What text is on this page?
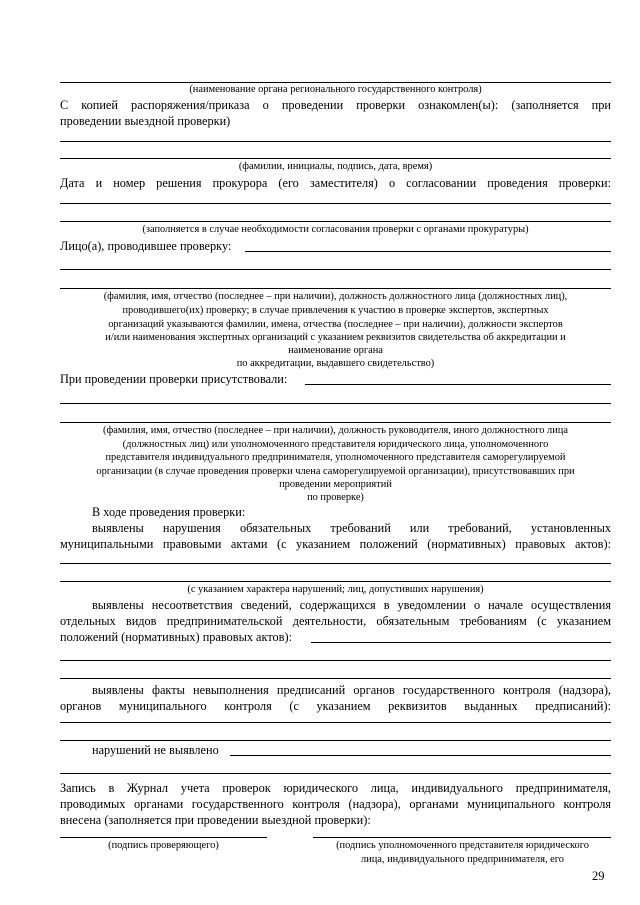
(наименование органа регионального государственного контроля)
С копией распоряжения/приказа о проведении проверки ознакомлен(ы): (заполняется при
проведении выездной проверки)
(фамилии, инициалы, подпись, дата, время)
Дата и номер решения прокурора (его заместителя) о согласовании проведения проверки:
(заполняется в случае необходимости согласования проверки с органами прокуратуры)
Лицо(а), проводившее проверку:
(фамилия, имя, отчество (последнее – при наличии), должность должностного лица (должностных лиц),
проводившего(их) проверку; в случае привлечения к участию в проверке экспертов, экспертных
организаций указываются фамилии, имена, отчества (последнее – при наличии), должности экспертов
и/или наименования экспертных организаций с указанием реквизитов свидетельства об аккредитации и
наименование органа
по аккредитации, выдавшего свидетельство)
При проведении проверки присутствовали:
(фамилия, имя, отчество (последнее – при наличии), должность руководителя, иного должностного лица
(должностных лиц) или уполномоченного представителя юридического лица, уполномоченного
представителя индивидуального предпринимателя, уполномоченного представителя саморегулируемой
организации (в случае проведения проверки члена саморегулируемой организации), присутствовавших при
проведении мероприятий
по проверке)
В ходе проведения проверки:
выявлены нарушения обязательных требований или требований, установленных
муниципальными правовыми актами (с указанием положений (нормативных) правовых актов):
(с указанием характера нарушений; лиц, допустивших нарушения)
выявлены несоответствия сведений, содержащихся в уведомлении о начале осуществления
отдельных видов предпринимательской деятельности, обязательным требованиям (с указанием
положений (нормативных) правовых актов):
выявлены факты невыполнения предписаний органов государственного контроля (надзора),
органов муниципального контроля (с указанием реквизитов выданных предписаний):
нарушений не выявлено
Запись в Журнал учета проверок юридического лица, индивидуального предпринимателя,
проводимых органами государственного контроля (надзора), органами муниципального контроля
внесена (заполняется при проведении выездной проверки):
(подпись проверяющего)	(подпись уполномоченного представителя юридического
лица, индивидуального предпринимателя, его
29
